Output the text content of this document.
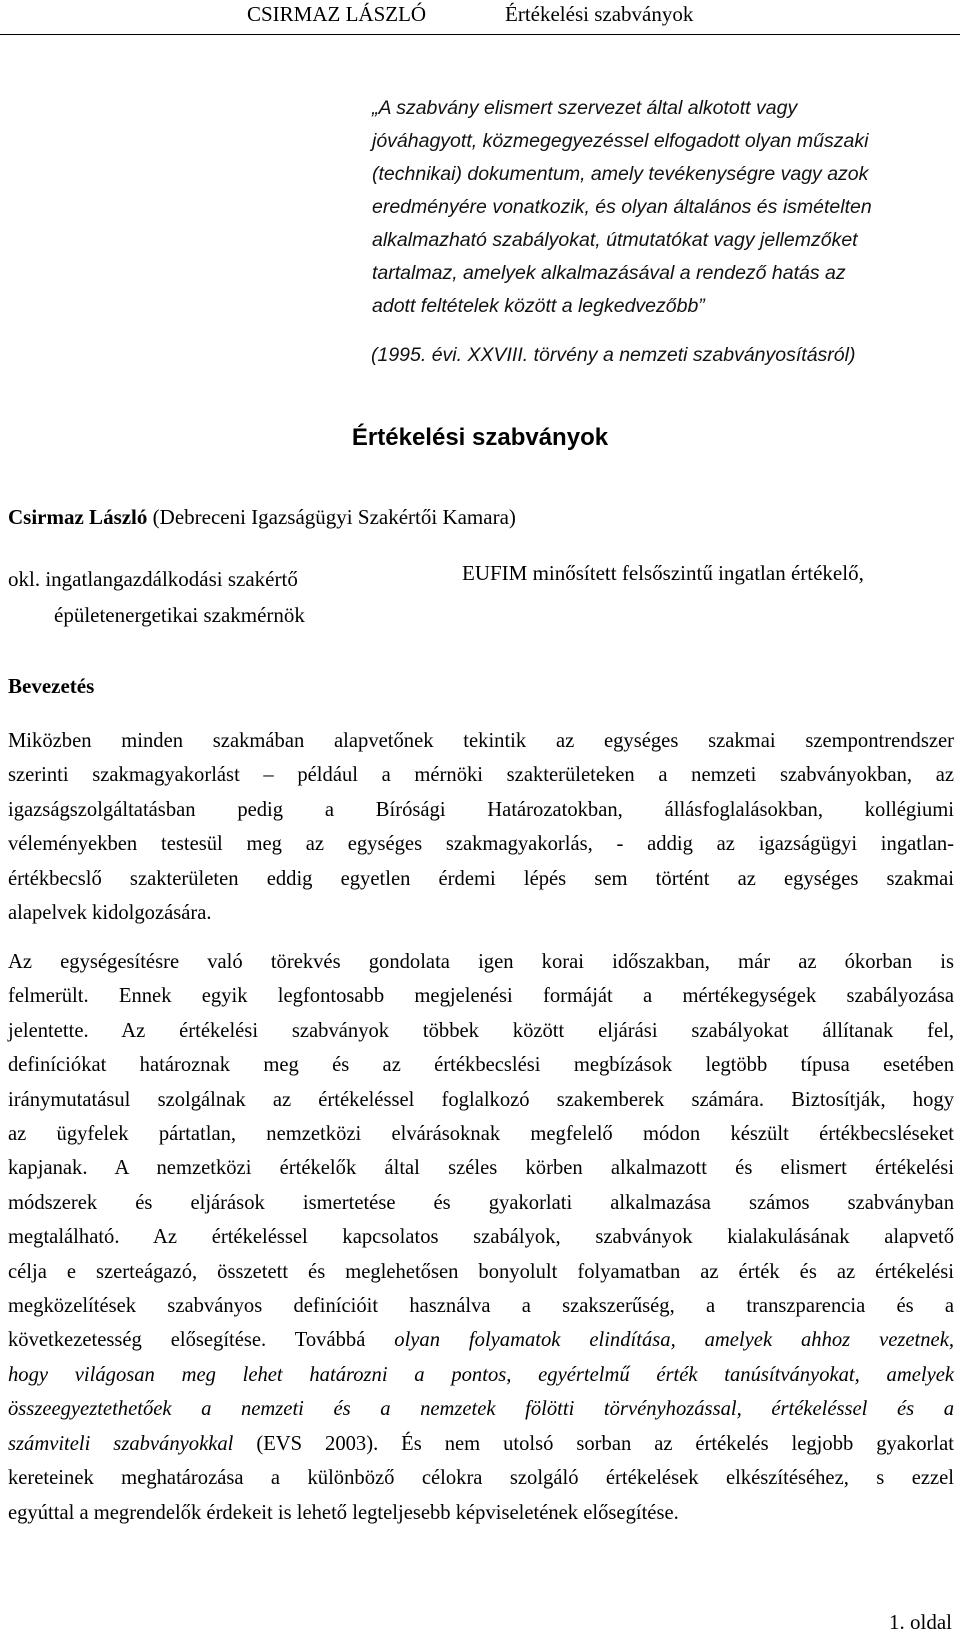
CSIRMAZ LÁSZLÓ	Értékelési szabványok
„A szabvány elismert szervezet által alkotott vagy
jóváhagyott, közmegegyezéssel elfogadott olyan műszaki
(technikai) dokumentum, amely tevékenységre vagy azok
eredményére vonatkozik, és olyan általános és ismételten
alkalmazható szabályokat, útmutatókat vagy jellemzőket
tartalmaz, amelyek alkalmazásával a rendező hatás az
adott feltételek között a legkedvezőbb”
(1995. évi. XXVIII. törvény a nemzeti szabványosításról)
Értékelési szabványok
Csirmaz László (Debreceni Igazságügyi Szakértői Kamara)
okl. ingatlangazdálkodási szakértő
épületenergetikai szakmérnök
EUFIM minősített felsőszintű ingatlan értékelő,
Bevezetés
Miközben minden szakmában alapvetőnek tekintik az egységes szakmai szempontrendszer
szerinti szakmagyakorlást – például a mérnöki szakterületeken a nemzeti szabványokban, az
igazságszolgáltatásban pedig a Bírósági Határozatokban, állásfoglalásokban, kollégiumi
véleményekben testesül meg az egységes szakmagyakorlás, - addig az igazságügyi ingatlan-
értékbecslő szakterületen eddig egyetlen érdemi lépés sem történt az egységes szakmai
alapelvek kidolgozására.
Az egységesítésre való törekvés gondolata igen korai időszakban, már az ókorban is
felmerült. Ennek egyik legfontosabb megjelenési formáját a mértékegységek szabályozása
jelentette. Az értékelési szabványok többek között eljárási szabályokat állítanak fel,
definíciókat határoznak meg és az értékbecslési megbízások legtöbb típusa esetében
iránymutatásul szolgálnak az értékeléssel foglalkozó szakemberek számára. Biztosítják, hogy
az ügyfelek pártatlan, nemzetközi elvárásoknak megfelelő módon készült értékbecsléseket
kapjanak. A nemzetközi értékelők által széles körben alkalmazott és elismert értékelési
módszerek és eljárások ismertetése és gyakorlati alkalmazása számos szabványban
megtalálható. Az értékeléssel kapcsolatos szabályok, szabványok kialakulásának alapvető
célja e szerteágazó, összetett és meglehetősen bonyolult folyamatban az érték és az értékelési
megközelítések szabványos definícióit használva a szakszerűség, a transzparencia és a
következetesség elősegítése. Továbbá olyan folyamatok elindítása, amelyek ahhoz vezetnek,
hogy világosan meg lehet határozni a pontos, egyértelmű érték tanúsítványokat, amelyek
összeegyeztethetőek a nemzeti és a nemzetek fölötti törvényhozással, értékeléssel és a
számviteli szabványokkal (EVS 2003). És nem utolsó sorban az értékelés legjobb gyakorlat
kereteinek meghatározása a különböző célokra szolgáló értékelések elkészítéséhez, s ezzel
egyúttal a megrendelők érdekeit is lehető legteljesebb képviseletének elősegítése.
1. oldal
